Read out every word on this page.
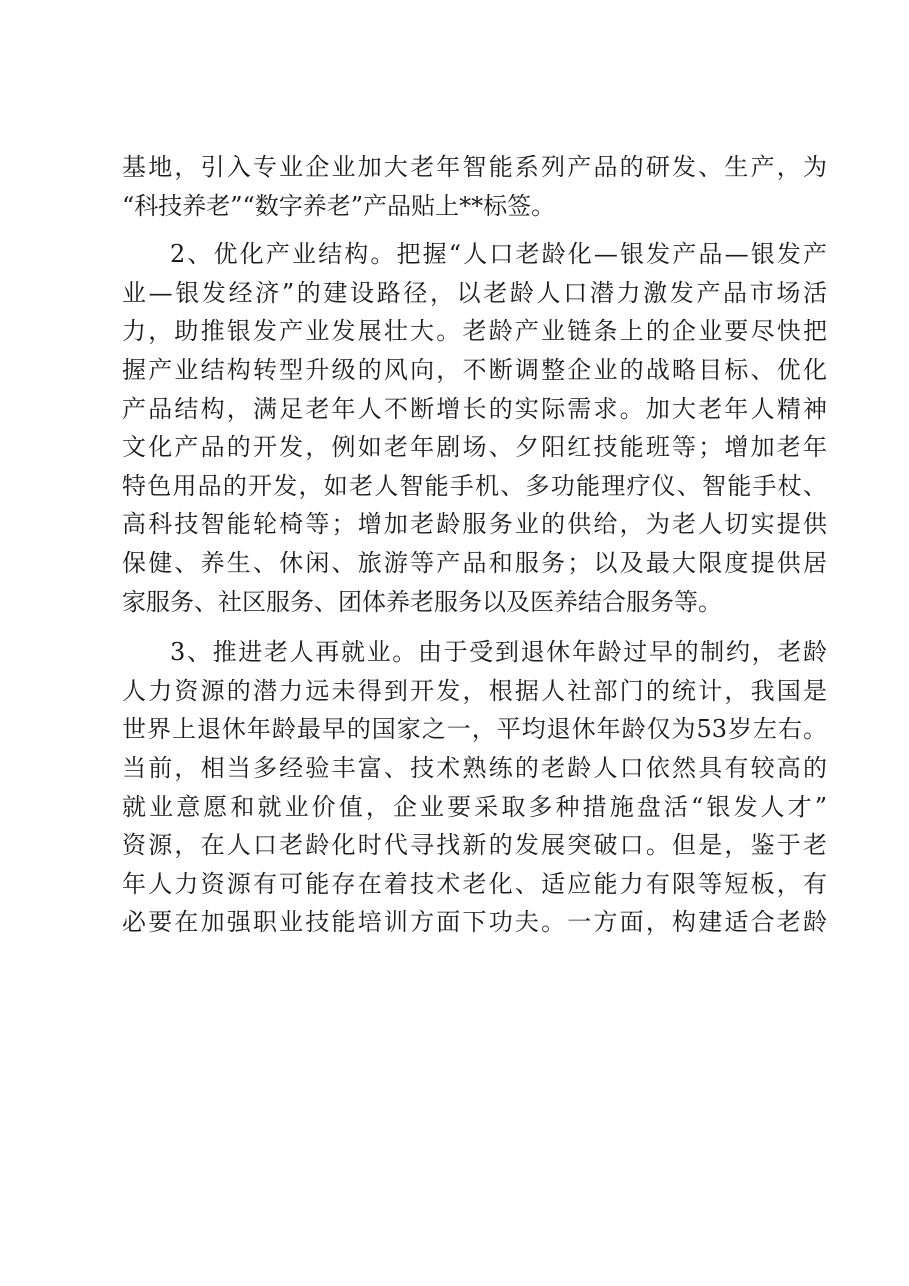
基地，引入专业企业加大老年智能系列产品的研发、生产，为
“科技养老”“数字养老”产品贴上**标签。
2、优化产业结构。把握“人口老龄化—银发产品—银发产
业—银发经济”的建设路径，以老龄人口潜力激发产品市场活
力，助推银发产业发展壮大。老龄产业链条上的企业要尽快把
握产业结构转型升级的风向，不断调整企业的战略目标、优化
产品结构，满足老年人不断增长的实际需求。加大老年人精神
文化产品的开发，例如老年剧场、夕阳红技能班等；增加老年
特色用品的开发，如老人智能手机、多功能理疗仪、智能手杖、
高科技智能轮椅等；增加老龄服务业的供给，为老人切实提供
保健、养生、休闲、旅游等产品和服务；以及最大限度提供居
家服务、社区服务、团体养老服务以及医养结合服务等。
3、推进老人再就业。由于受到退休年龄过早的制约，老龄
人力资源的潜力远未得到开发，根据人社部门的统计，我国是
世界上退休年龄最早的国家之一，平均退休年龄仅为53岁左右。
当前，相当多经验丰富、技术熟练的老龄人口依然具有较高的
就业意愿和就业价值，企业要采取多种措施盘活“银发人才”
资源，在人口老龄化时代寻找新的发展突破口。但是，鉴于老
年人力资源有可能存在着技术老化、适应能力有限等短板，有
必要在加强职业技能培训方面下功夫。一方面，构建适合老龄
